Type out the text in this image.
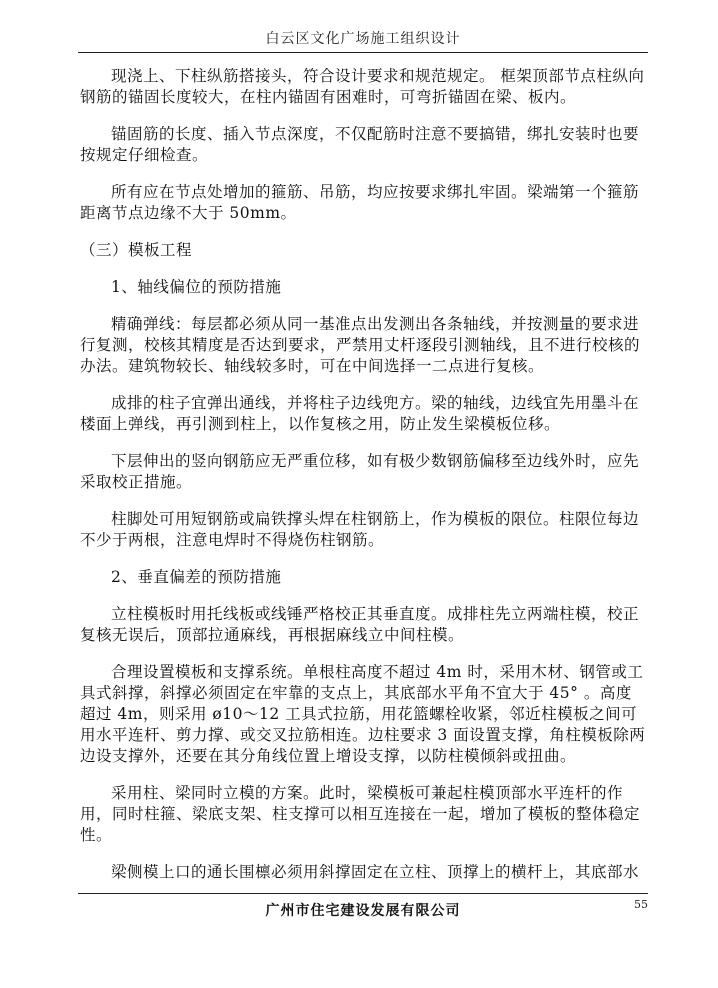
白云区文化广场施工组织设计

现浇上、下柱纵筋搭接头，符合设计要求和规范规定。 框架顶部节点柱纵向钢筋的锚固长度较大，在柱内锚固有困难时，可弯折锚固在梁、板内。

锚固筋的长度、插入节点深度，不仅配筋时注意不要搞错，绑扎安装时也要按规定仔细检查。

所有应在节点处增加的箍筋、吊筋，均应按要求绑扎牢固。梁端第一个箍筋距离节点边缘不大于 50mm。

（三）模板工程

1、轴线偏位的预防措施

精确弹线：每层都必须从同一基准点出发测出各条轴线，并按测量的要求进行复测，校核其精度是否达到要求，严禁用丈杆逐段引测轴线，且不进行校核的办法。建筑物较长、轴线较多时，可在中间选择一二点进行复核。

成排的柱子宜弹出通线，并将柱子边线兜方。梁的轴线，边线宜先用墨斗在楼面上弹线，再引测到柱上，以作复核之用，防止发生梁模板位移。

下层伸出的竖向钢筋应无严重位移，如有极少数钢筋偏移至边线外时，应先采取校正措施。

柱脚处可用短钢筋或扁铁撑头焊在柱钢筋上，作为模板的限位。柱限位每边不少于两根，注意电焊时不得烧伤柱钢筋。

2、垂直偏差的预防措施

立柱模板时用托线板或线锤严格校正其垂直度。成排柱先立两端柱模，校正复核无误后，顶部拉通麻线，再根据麻线立中间柱模。

合理设置模板和支撑系统。单根柱高度不超过 4m 时，采用木材、钢管或工具式斜撑，斜撑必须固定在牢靠的支点上，其底部水平角不宜大于 45° 。高度超过 4m，则采用 ø10～12 工具式拉筋，用花篮螺栓收紧，邻近柱模板之间可用水平连杆、剪力撑、或交叉拉筋相连。边柱要求 3 面设置支撑，角柱模板除两边设支撑外，还要在其分角线位置上增设支撑，以防柱模倾斜或扭曲。

采用柱、梁同时立模的方案。此时，梁模板可兼起柱模顶部水平连杆的作用，同时柱箍、梁底支架、柱支撑可以相互连接在一起，增加了模板的整体稳定性。

梁侧模上口的通长围檩必须用斜撑固定在立柱、顶撑上的横杆上，其底部水

广州市住宅建设发展有限公司	55
